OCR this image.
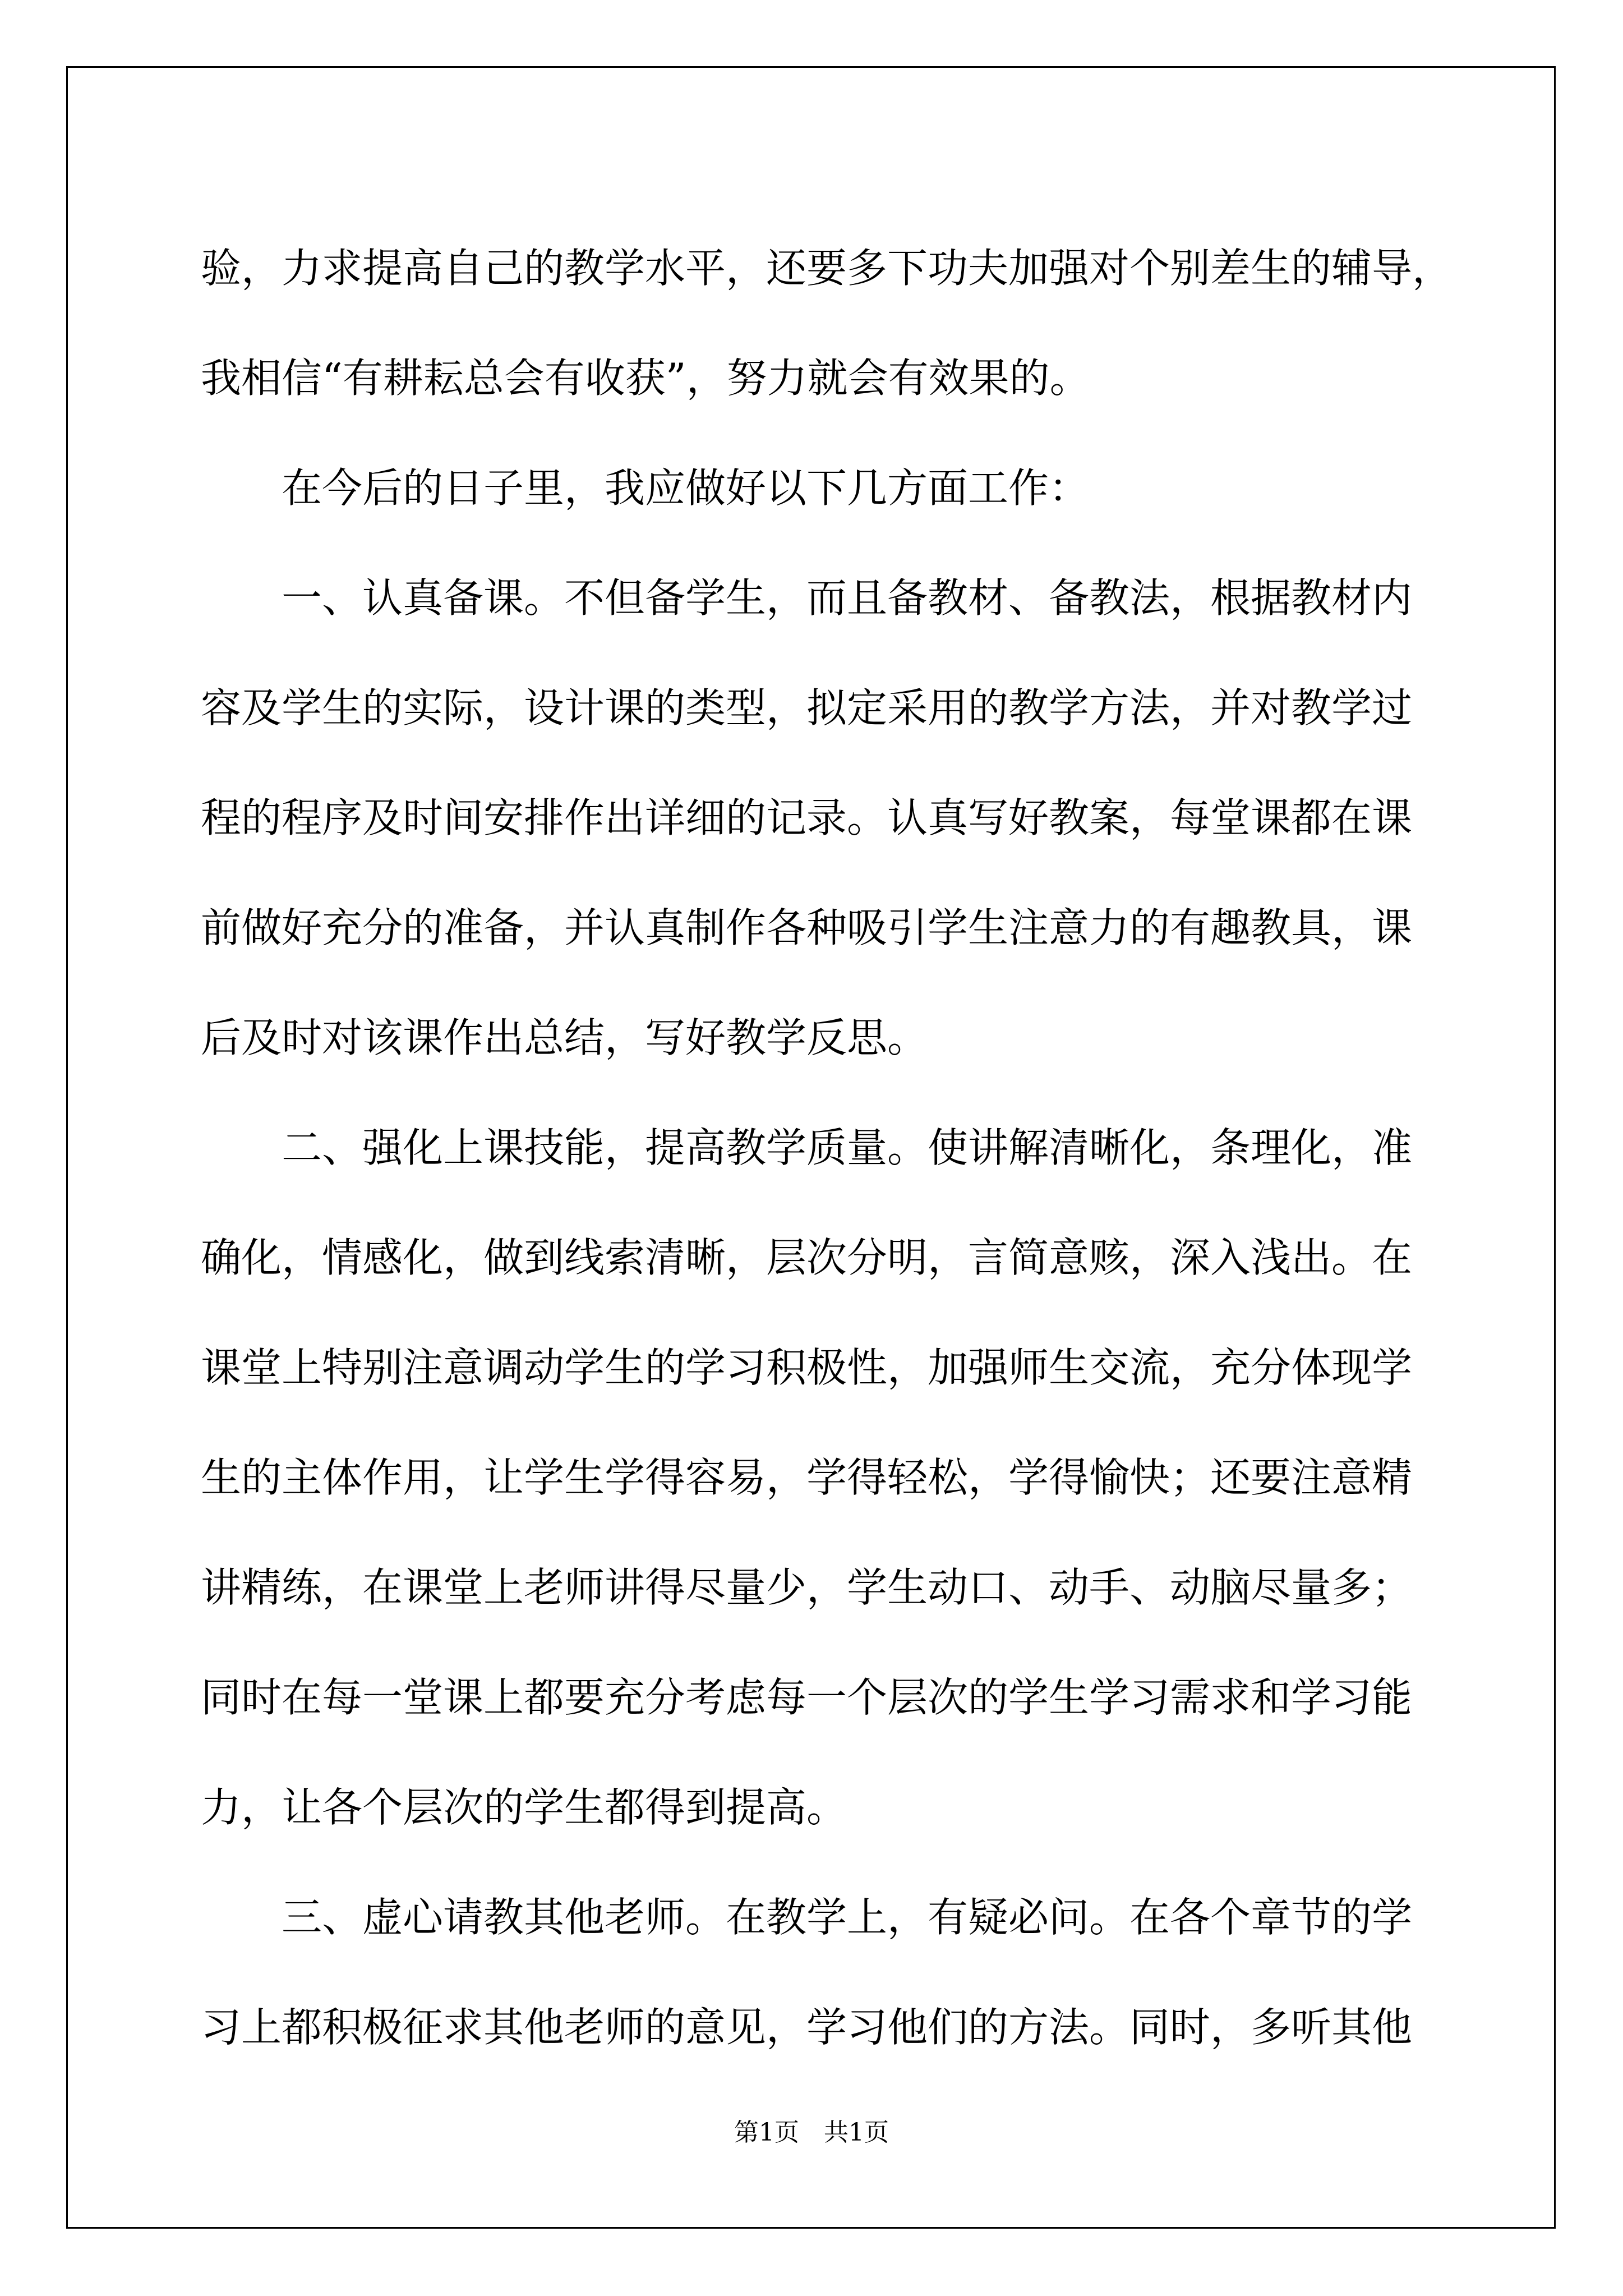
验，力求提高自己的教学水平，还要多下功夫加强对个别差生的辅导，
我相信“有耕耘总会有收获”，努力就会有效果的。
　　在今后的日子里，我应做好以下几方面工作：
　　一、认真备课。不但备学生，而且备教材、备教法，根据教材内
容及学生的实际，设计课的类型，拟定采用的教学方法，并对教学过
程的程序及时间安排作出详细的记录。认真写好教案，每堂课都在课
前做好充分的准备，并认真制作各种吸引学生注意力的有趣教具，课
后及时对该课作出总结，写好教学反思。
　　二、强化上课技能，提高教学质量。使讲解清晰化，条理化，准
确化，情感化，做到线索清晰，层次分明，言简意赅，深入浅出。在
课堂上特别注意调动学生的学习积极性，加强师生交流，充分体现学
生的主体作用，让学生学得容易，学得轻松，学得愉快；还要注意精
讲精练，在课堂上老师讲得尽量少，学生动口、动手、动脑尽量多；
同时在每一堂课上都要充分考虑每一个层次的学生学习需求和学习能
力，让各个层次的学生都得到提高。
　　三、虚心请教其他老师。在教学上，有疑必问。在各个章节的学
习上都积极征求其他老师的意见，学习他们的方法。同时，多听其他
第1页　共1页
